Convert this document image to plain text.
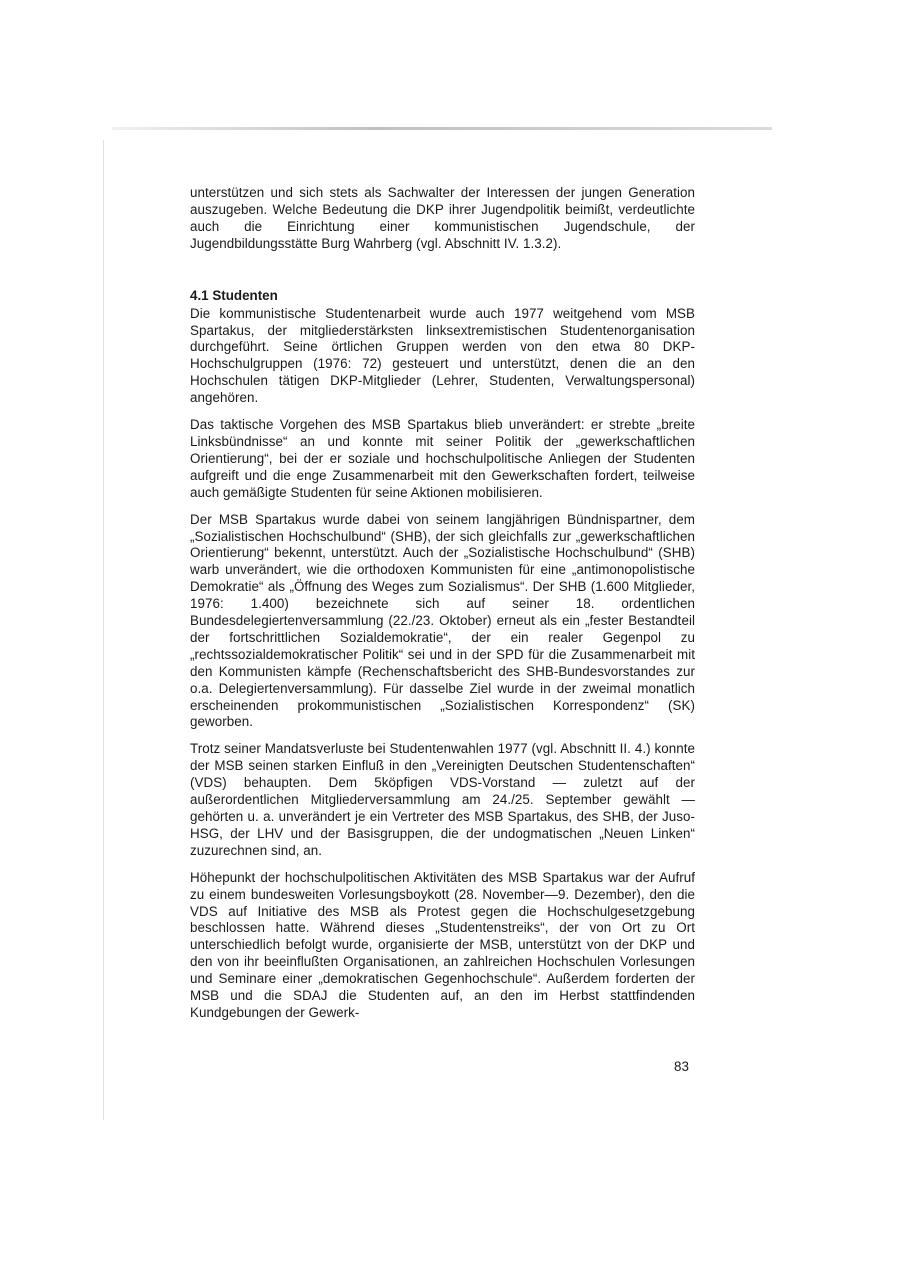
unterstützen und sich stets als Sachwalter der Interessen der jungen Generation auszugeben. Welche Bedeutung die DKP ihrer Jugendpolitik beimißt, verdeutlichte auch die Einrichtung einer kommunistischen Jugendschule, der Jugendbildungsstätte Burg Wahrberg (vgl. Abschnitt IV. 1.3.2).

4.1 Studenten

Die kommunistische Studentenarbeit wurde auch 1977 weitgehend vom MSB Spartakus, der mitgliederstärksten linksextremistischen Studentenorganisation durchgeführt. Seine örtlichen Gruppen werden von den etwa 80 DKP-Hochschulgruppen (1976: 72) gesteuert und unterstützt, denen die an den Hochschulen tätigen DKP-Mitglieder (Lehrer, Studenten, Verwaltungspersonal) angehören.

Das taktische Vorgehen des MSB Spartakus blieb unverändert: er strebte „breite Linksbündnisse“ an und konnte mit seiner Politik der „gewerkschaftlichen Orientierung“, bei der er soziale und hochschulpolitische Anliegen der Studenten aufgreift und die enge Zusammenarbeit mit den Gewerkschaften fordert, teilweise auch gemäßigte Studenten für seine Aktionen mobilisieren.

Der MSB Spartakus wurde dabei von seinem langjährigen Bündnispartner, dem „Sozialistischen Hochschulbund“ (SHB), der sich gleichfalls zur „gewerkschaftlichen Orientierung“ bekennt, unterstützt. Auch der „Sozialistische Hochschulbund“ (SHB) warb unverändert, wie die orthodoxen Kommunisten für eine „antimonopolistische Demokratie“ als „Öffnung des Weges zum Sozialismus“. Der SHB (1.600 Mitglieder, 1976: 1.400) bezeichnete sich auf seiner 18. ordentlichen Bundesdelegiertenversammlung (22./23. Oktober) erneut als ein „fester Bestandteil der fortschrittlichen Sozialdemokratie“, der ein realer Gegenpol zu „rechtssozialdemokratischer Politik“ sei und in der SPD für die Zusammenarbeit mit den Kommunisten kämpfe (Rechenschaftsbericht des SHB-Bundesvorstandes zur o.a. Delegiertenversammlung). Für dasselbe Ziel wurde in der zweimal monatlich erscheinenden prokommunistischen „Sozialistischen Korrespondenz“ (SK) geworben.

Trotz seiner Mandatsverluste bei Studentenwahlen 1977 (vgl. Abschnitt II. 4.) konnte der MSB seinen starken Einfluß in den „Vereinigten Deutschen Studentenschaften“ (VDS) behaupten. Dem 5köpfigen VDS-Vorstand — zuletzt auf der außerordentlichen Mitgliederversammlung am 24./25. September gewählt — gehörten u. a. unverändert je ein Vertreter des MSB Spartakus, des SHB, der Juso-HSG, der LHV und der Basisgruppen, die der undogmatischen „Neuen Linken“ zuzurechnen sind, an.

Höhepunkt der hochschulpolitischen Aktivitäten des MSB Spartakus war der Aufruf zu einem bundesweiten Vorlesungsboykott (28. November—9. Dezember), den die VDS auf Initiative des MSB als Protest gegen die Hochschulgesetzgebung beschlossen hatte. Während dieses „Studentenstreiks“, der von Ort zu Ort unterschiedlich befolgt wurde, organisierte der MSB, unterstützt von der DKP und den von ihr beeinflußten Organisationen, an zahlreichen Hochschulen Vorlesungen und Seminare einer „demokratischen Gegenhochschule“. Außerdem forderten der MSB und die SDAJ die Studenten auf, an den im Herbst stattfindenden Kundgebungen der Gewerk-

83
